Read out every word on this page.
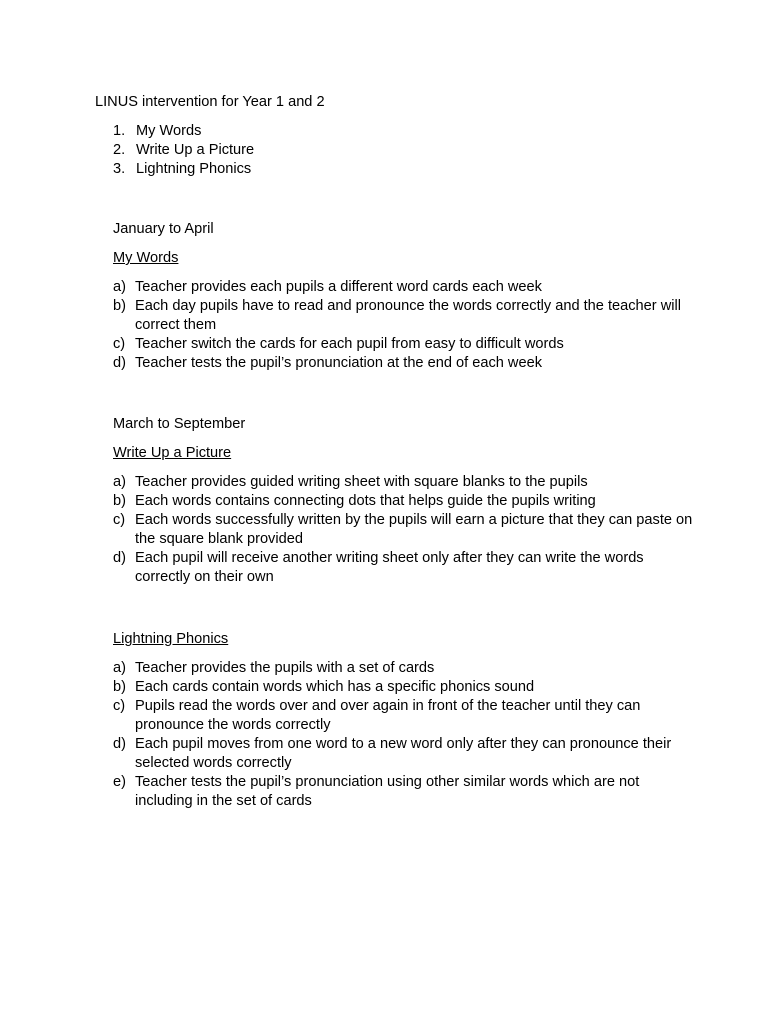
LINUS intervention for Year 1 and 2

1. My Words
2. Write Up a Picture
3. Lightning Phonics

January to April

My Words

a) Teacher provides each pupils a different word cards each week
b) Each day pupils have to read and pronounce the words correctly and the teacher will correct them
c) Teacher switch the cards for each pupil from easy to difficult words
d) Teacher tests the pupil’s pronunciation at the end of each week

March to September

Write Up a Picture

a) Teacher provides guided writing sheet with square blanks to the pupils
b) Each words contains connecting dots that helps guide the pupils writing
c) Each words successfully written by the pupils will earn a picture that they can paste on the square blank provided
d) Each pupil will receive another writing sheet only after they can write the words correctly on their own

Lightning Phonics

a) Teacher provides the pupils with a set of cards
b) Each cards contain words which has a specific phonics sound
c) Pupils read the words over and over again in front of the teacher until they can pronounce the words correctly
d) Each pupil moves from one word to a new word only after they can pronounce their selected words correctly
e) Teacher tests the pupil’s pronunciation using other similar words which are not including in the set of cards
